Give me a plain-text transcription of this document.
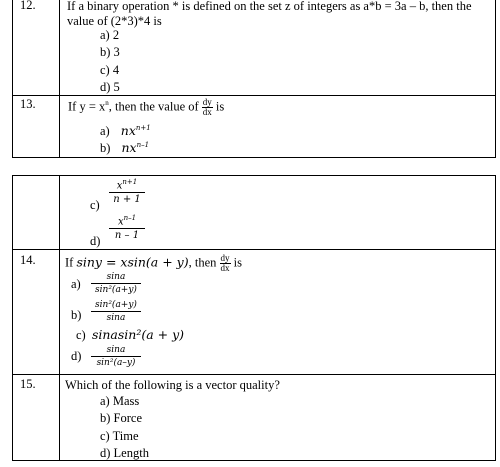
12.	If a binary operation * is defined on the set z of integers as a*b = 3a – b, then the
value of (2*3)*4 is
a) 2
b) 3
c) 4
d) 5
13.	If $y = x^n$, then the value of $\frac{dy}{dx}$ is
a) $nx^{n+1}$
b) $nx^{n-1}$
$c) \frac{x^{n+1}}{n + 1}$
$d) \frac{x^{n-1}}{n - 1}$
14. If siny = xsin(a + y), then $\frac{dy}{dx}$ is
$a) \frac{\sin a}{\text{sin²(a+y)}}$
$b) \frac{\text{sin²(a+y)}}{\sin a}$
c) sinasin²(a + y)
$d) \frac{\sin a}{\text{sin²(a–y)}}$
15. Which of the following is a vector quality?
a) Mass
b) Force
c) Time
d) Length
